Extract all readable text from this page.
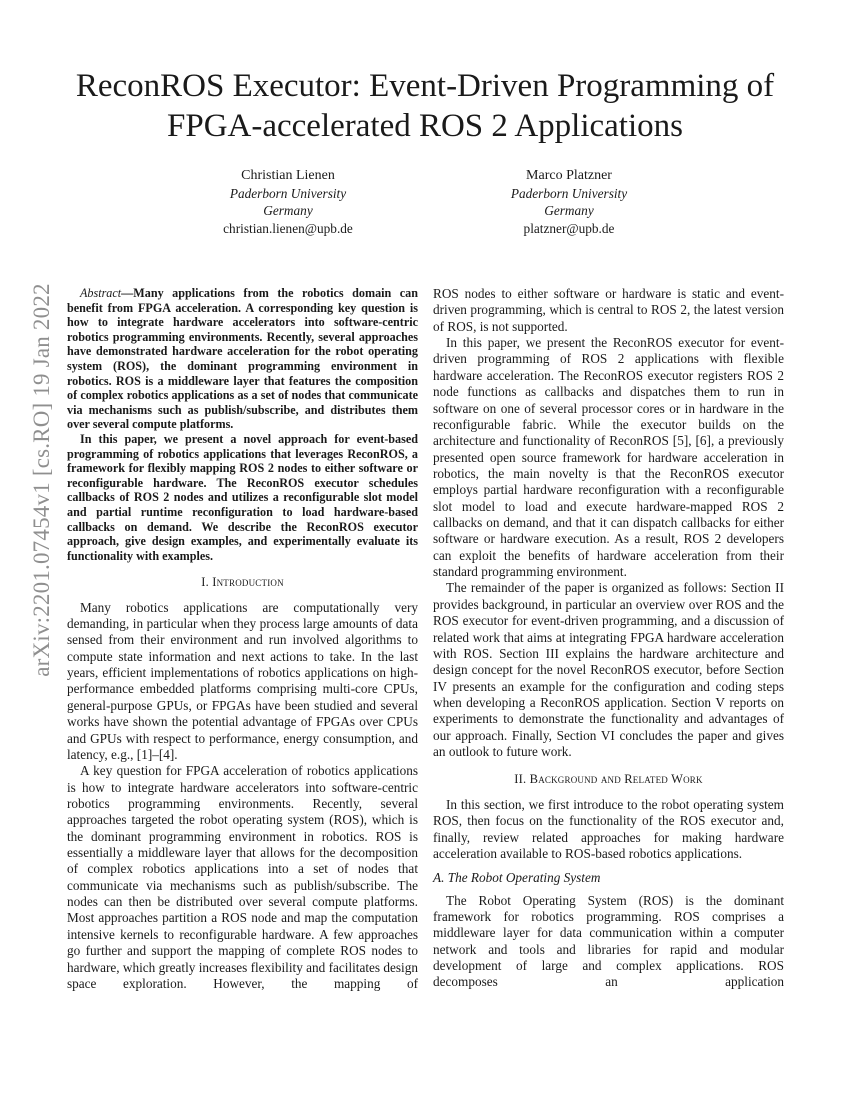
arXiv:2201.07454v1 [cs.RO] 19 Jan 2022
ReconROS Executor: Event-Driven Programming of FPGA-accelerated ROS 2 Applications
Christian Lienen
Paderborn University
Germany
christian.lienen@upb.de
Marco Platzner
Paderborn University
Germany
platzner@upb.de

Abstract—Many applications from the robotics domain can benefit from FPGA acceleration. A corresponding key question is how to integrate hardware accelerators into software-centric robotics programming environments. Recently, several approaches have demonstrated hardware acceleration for the robot operating system (ROS), the dominant programming environment in robotics. ROS is a middleware layer that features the composition of complex robotics applications as a set of nodes that communicate via mechanisms such as publish/subscribe, and distributes them over several compute platforms.

In this paper, we present a novel approach for event-based programming of robotics applications that leverages ReconROS, a framework for flexibly mapping ROS 2 nodes to either software or reconfigurable hardware. The ReconROS executor schedules callbacks of ROS 2 nodes and utilizes a reconfigurable slot model and partial runtime reconfiguration to load hardware-based callbacks on demand. We describe the ReconROS executor approach, give design examples, and experimentally evaluate its functionality with examples.

I. Introduction

Many robotics applications are computationally very demanding, in particular when they process large amounts of data sensed from their environment and run involved algorithms to compute state information and next actions to take. In the last years, efficient implementations of robotics applications on high-performance embedded platforms comprising multi-core CPUs, general-purpose GPUs, or FPGAs have been studied and several works have shown the potential advantage of FPGAs over CPUs and GPUs with respect to performance, energy consumption, and latency, e.g., [1]–[4].

A key question for FPGA acceleration of robotics applications is how to integrate hardware accelerators into software-centric robotics programming environments. Recently, several approaches targeted the robot operating system (ROS), which is the dominant programming environment in robotics. ROS is essentially a middleware layer that allows for the decomposition of complex robotics applications into a set of nodes that communicate via mechanisms such as publish/subscribe. The nodes can then be distributed over several compute platforms. Most approaches partition a ROS node and map the computation intensive kernels to reconfigurable hardware. A few approaches go further and support the mapping of complete ROS nodes to hardware, which greatly increases flexibility and facilitates design space exploration. However, the mapping of

ROS nodes to either software or hardware is static and event-driven programming, which is central to ROS 2, the latest version of ROS, is not supported.

In this paper, we present the ReconROS executor for event-driven programming of ROS 2 applications with flexible hardware acceleration. The ReconROS executor registers ROS 2 node functions as callbacks and dispatches them to run in software on one of several processor cores or in hardware in the reconfigurable fabric. While the executor builds on the architecture and functionality of ReconROS [5], [6], a previously presented open source framework for hardware acceleration in robotics, the main novelty is that the ReconROS executor employs partial hardware reconfiguration with a reconfigurable slot model to load and execute hardware-mapped ROS 2 callbacks on demand, and that it can dispatch callbacks for either software or hardware execution. As a result, ROS 2 developers can exploit the benefits of hardware acceleration from their standard programming environment.

The remainder of the paper is organized as follows: Section II provides background, in particular an overview over ROS and the ROS executor for event-driven programming, and a discussion of related work that aims at integrating FPGA hardware acceleration with ROS. Section III explains the hardware architecture and design concept for the novel ReconROS executor, before Section IV presents an example for the configuration and coding steps when developing a ReconROS application. Section V reports on experiments to demonstrate the functionality and advantages of our approach. Finally, Section VI concludes the paper and gives an outlook to future work.

II. Background and Related Work

In this section, we first introduce to the robot operating system ROS, then focus on the functionality of the ROS executor and, finally, review related approaches for making hardware acceleration available to ROS-based robotics applications.

A. The Robot Operating System

The Robot Operating System (ROS) is the dominant framework for robotics programming. ROS comprises a middleware layer for data communication within a computer network and tools and libraries for rapid and modular development of large and complex applications. ROS decomposes an application
